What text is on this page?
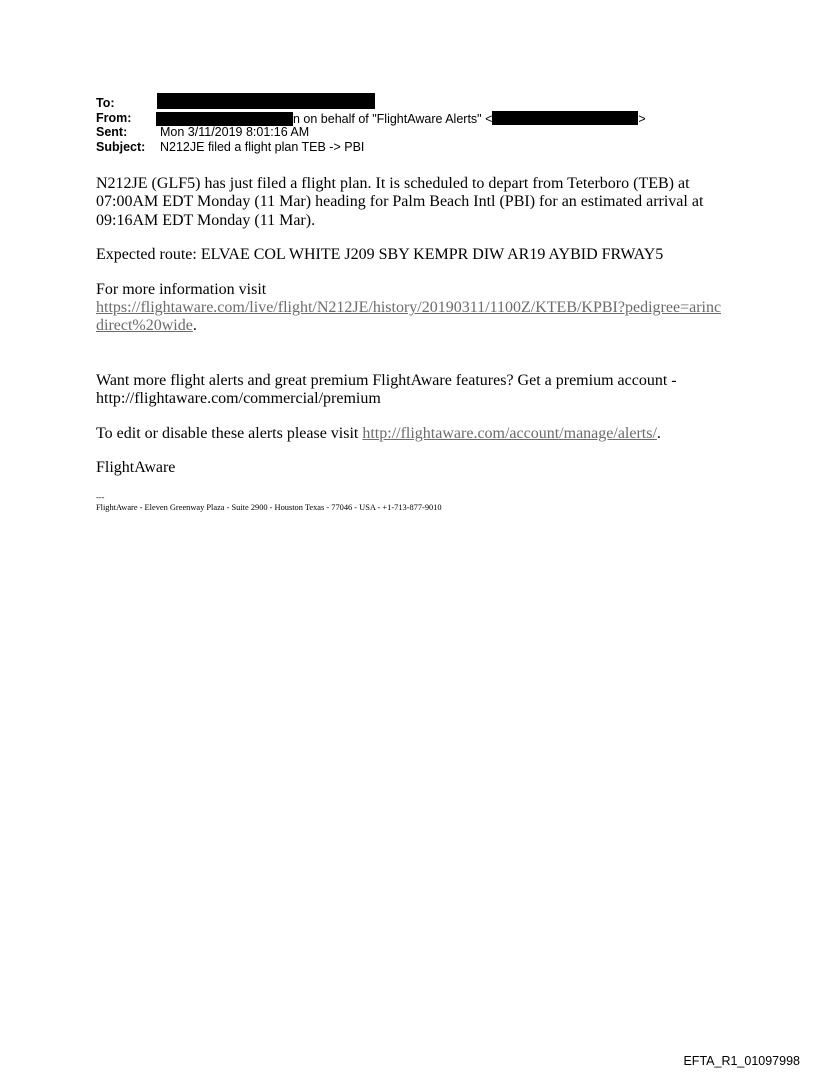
To:
From:	n on behalf of "FlightAware Alerts" <	>
Sent:	Mon 3/11/2019 8:01:16 AM
Subject: N212JE filed a flight plan TEB -> PBI

N212JE (GLF5) has just filed a flight plan. It is scheduled to depart from Teterboro (TEB) at 07:00AM EDT Monday (11 Mar) heading for Palm Beach Intl (PBI) for an estimated arrival at 09:16AM EDT Monday (11 Mar).

Expected route: ELVAE COL WHITE J209 SBY KEMPR DIW AR19 AYBID FRWAY5

For more information visit
https://flightaware.com/live/flight/N212JE/history/20190311/1100Z/KTEB/KPBI?pedigree=arincdirect%20wide.

Want more flight alerts and great premium FlightAware features? Get a premium account - http://flightaware.com/commercial/premium

To edit or disable these alerts please visit http://flightaware.com/account/manage/alerts/.

FlightAware

---
FlightAware - Eleven Greenway Plaza - Suite 2900 - Houston Texas - 77046 - USA - +1-713-877-9010
EFTA_R1_01097998
